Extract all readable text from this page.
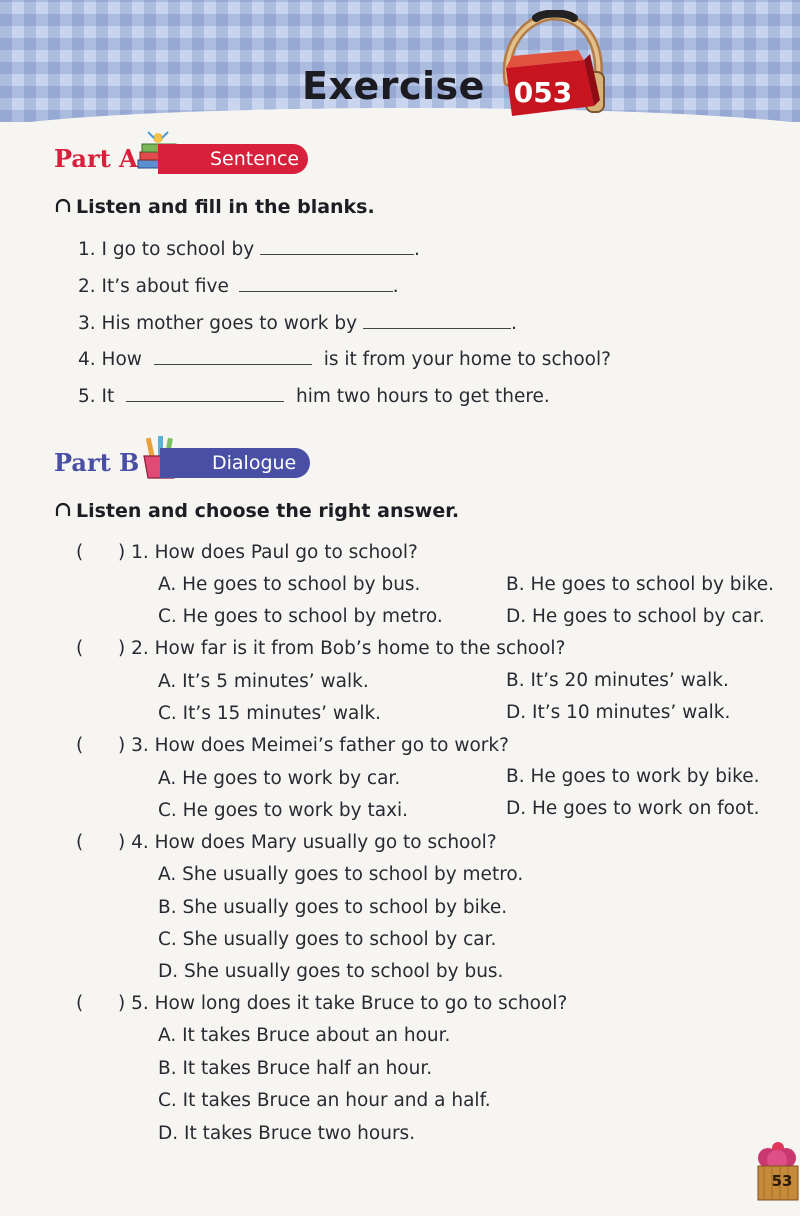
Exercise 053
Part A	Sentence
Listen and fill in the blanks.
1. I go to school by	.
2. It’s about five	.
3. His mother goes to work by	.
4. How	is it from your home to school?
5. It	him two hours to get there.
Part B	Dialogue
Listen and choose the right answer.
( ) 1. How does Paul go to school?
A. He goes to school by bus.	B. He goes to school by bike.
C. He goes to school by metro.	D. He goes to school by car.
( ) 2. How far is it from Bob’s home to the school?
A. It’s 5 minutes’ walk.	B. It’s 20 minutes’ walk.
C. It’s 15 minutes’ walk.	D. It’s 10 minutes’ walk.
( ) 3. How does Meimei’s father go to work?
A. He goes to work by car.	B. He goes to work by bike.
C. He goes to work by taxi.	D. He goes to work on foot.
( ) 4. How does Mary usually go to school?
A. She usually goes to school by metro.
B. She usually goes to school by bike.
C. She usually goes to school by car.
D. She usually goes to school by bus.
( ) 5. How long does it take Bruce to go to school?
A. It takes Bruce about an hour.
B. It takes Bruce half an hour.
C. It takes Bruce an hour and a half.
D. It takes Bruce two hours.
53
